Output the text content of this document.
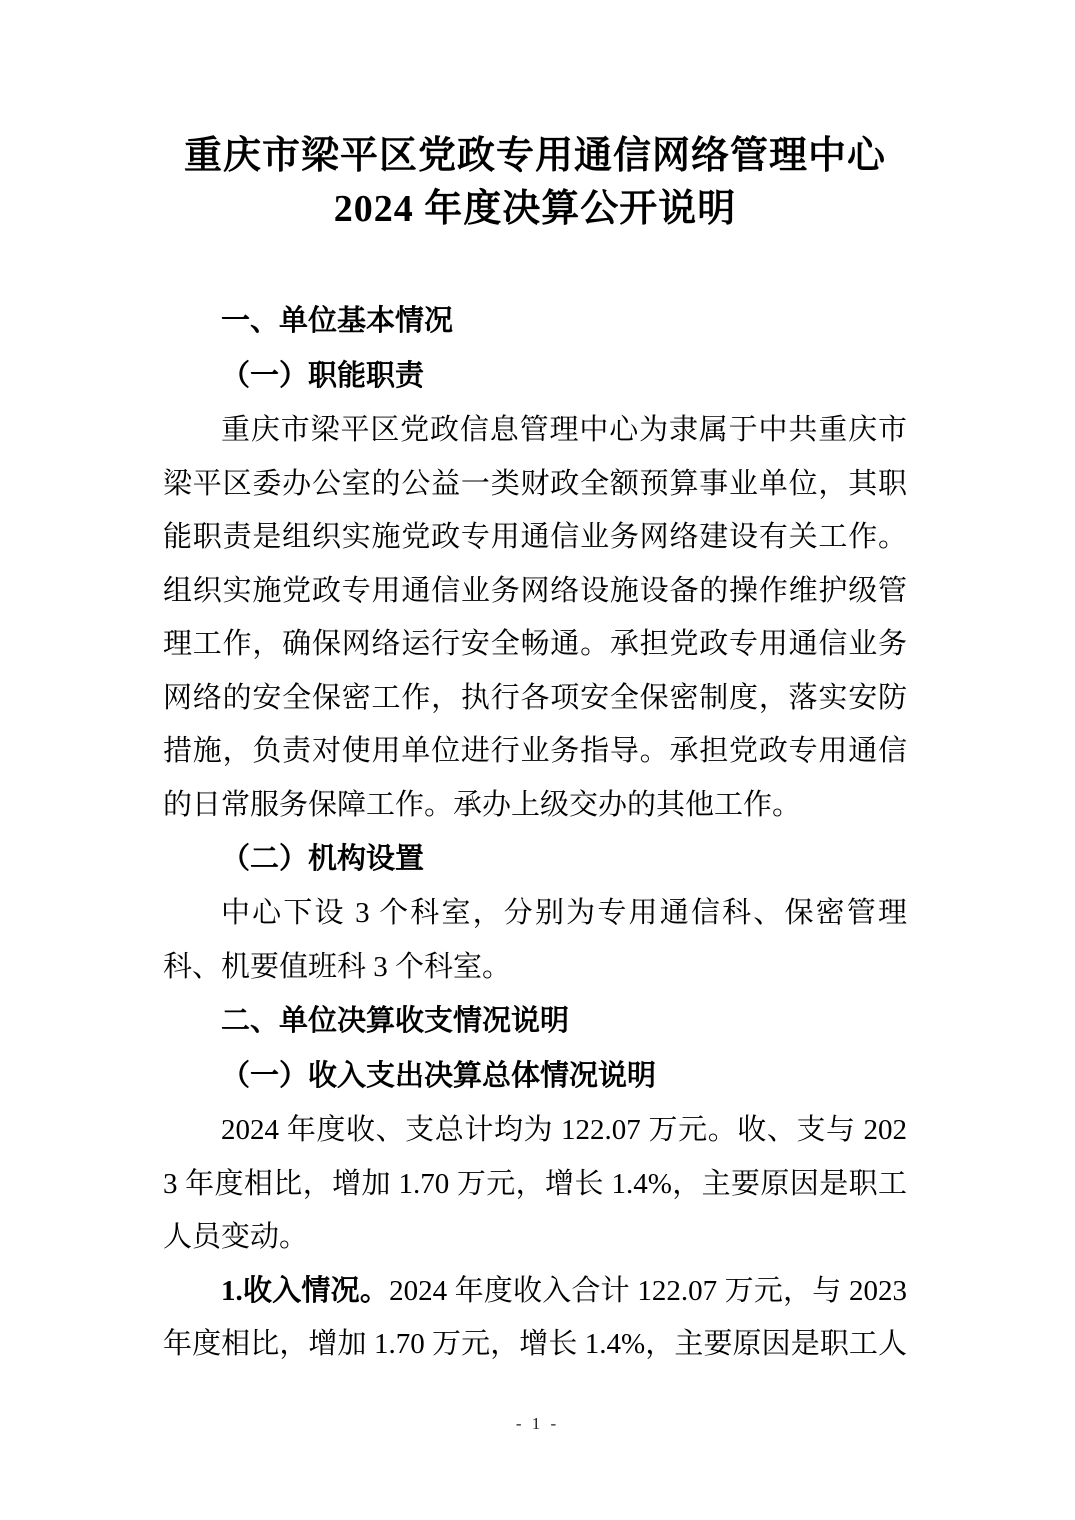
重庆市梁平区党政专用通信网络管理中心
2024 年度决算公开说明
一、单位基本情况
（一）职能职责

重庆市梁平区党政信息管理中心为隶属于中共重庆市梁平区委办公室的公益一类财政全额预算事业单位，其职能职责是组织实施党政专用通信业务网络建设有关工作。组织实施党政专用通信业务网络设施设备的操作维护级管理工作，确保网络运行安全畅通。承担党政专用通信业务网络的安全保密工作，执行各项安全保密制度，落实安防措施，负责对使用单位进行业务指导。承担党政专用通信的日常服务保障工作。承办上级交办的其他工作。

（二）机构设置

中心下设 3 个科室，分别为专用通信科、保密管理科、机要值班科 3 个科室。

二、单位决算收支情况说明
（一）收入支出决算总体情况说明

2024 年度收、支总计均为 122.07 万元。收、支与 2023 年度相比，增加 1.70 万元，增长 1.4%，主要原因是职工人员变动。

1.收入情况。2024 年度收入合计 122.07 万元，与 2023 年度相比，增加 1.70 万元，增长 1.4%，主要原因是职工人

- 1 -
